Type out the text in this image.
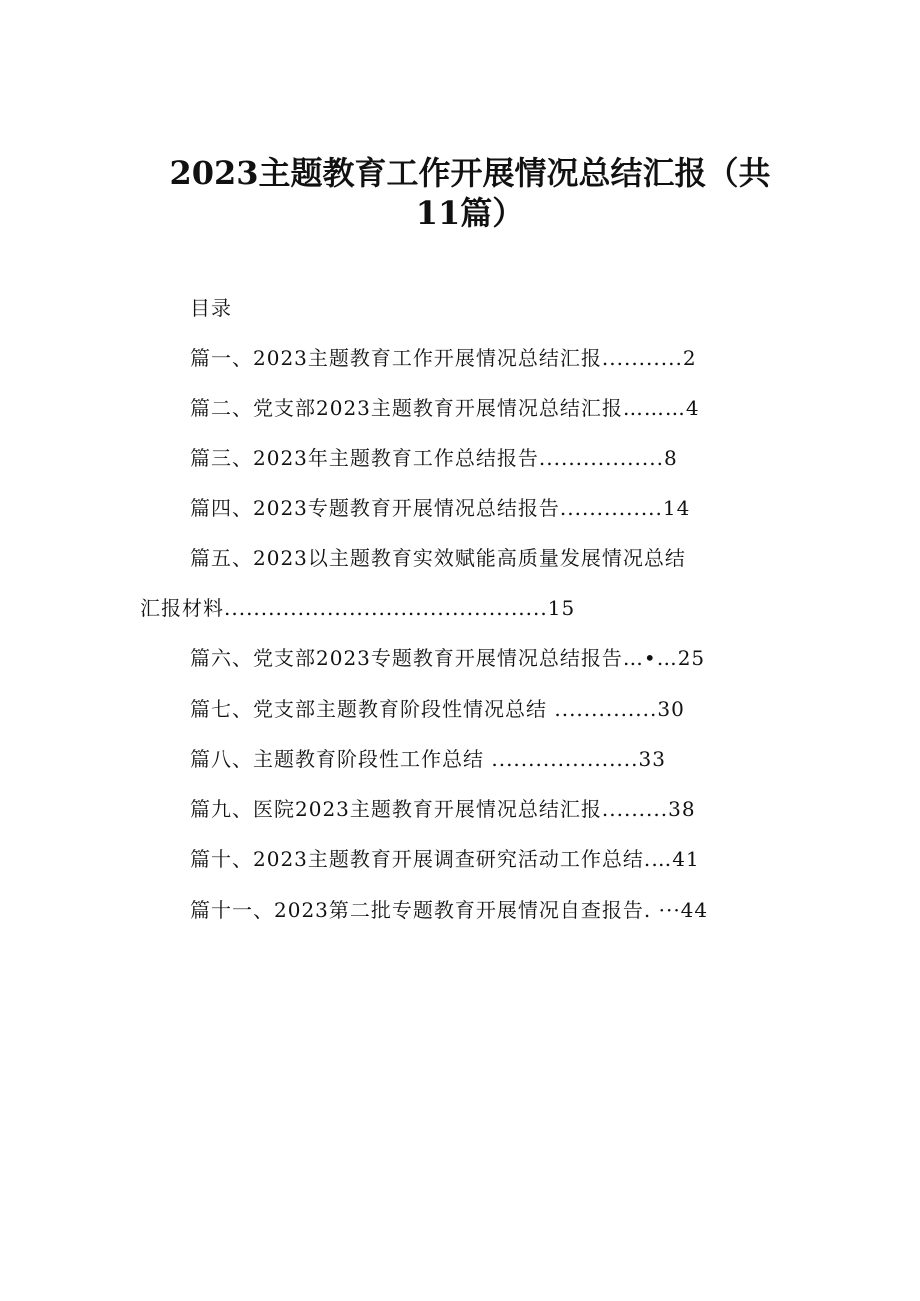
2023主题教育工作开展情况总结汇报（共
11篇）
目录
篇一、2023主题教育工作开展情况总结汇报...........2
篇二、党支部2023主题教育开展情况总结汇报………4
篇三、2023年主题教育工作总结报告.................8
篇四、2023专题教育开展情况总结报告..............14
篇五、2023以主题教育实效赋能高质量发展情况总结
汇报材料............................................15
篇六、党支部2023专题教育开展情况总结报告…•…25
篇七、党支部主题教育阶段性情况总结 ..............30
篇八、主题教育阶段性工作总结 ....................33
篇九、医院2023主题教育开展情况总结汇报.........38
篇十、2023主题教育开展调查研究活动工作总结.…41
篇十一、2023第二批专题教育开展情况自查报告. ···44
